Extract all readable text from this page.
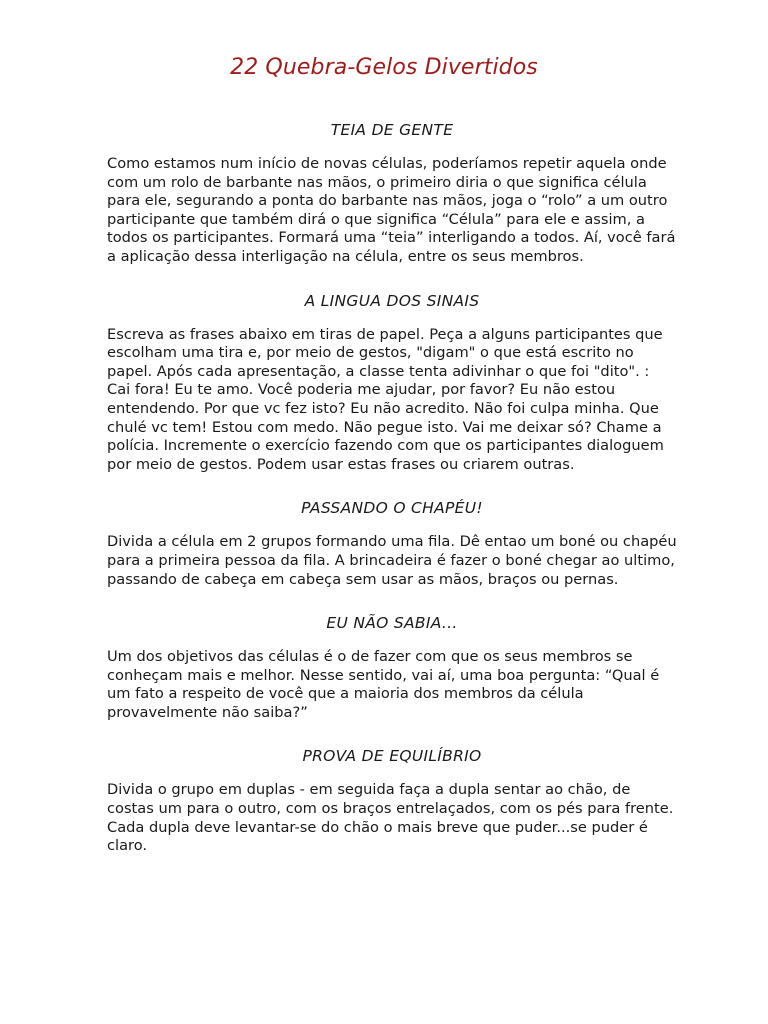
22 Quebra-Gelos Divertidos
TEIA DE GENTE

Como estamos num início de novas células, poderíamos repetir aquela onde com um rolo de barbante nas mãos, o primeiro diria o que significa célula para ele, segurando a ponta do barbante nas mãos, joga o “rolo” a um outro participante que também dirá o que significa “Célula” para ele e assim, a todos os participantes. Formará uma “teia” interligando a todos. Aí, você fará a aplicação dessa interligação na célula, entre os seus membros.

A LINGUA DOS SINAIS

Escreva as frases abaixo em tiras de papel. Peça a alguns participantes que escolham uma tira e, por meio de gestos, "digam" o que está escrito no papel. Após cada apresentação, a classe tenta adivinhar o que foi "dito". : Cai fora! Eu te amo. Você poderia me ajudar, por favor? Eu não estou entendendo. Por que vc fez isto? Eu não acredito. Não foi culpa minha. Que chulé vc tem! Estou com medo. Não pegue isto. Vai me deixar só? Chame a polícia. Incremente o exercício fazendo com que os participantes dialoguem por meio de gestos. Podem usar estas frases ou criarem outras.

PASSANDO O CHAPÉU!

Divida a célula em 2 grupos formando uma fila. Dê entao um boné ou chapéu para a primeira pessoa da fila. A brincadeira é fazer o boné chegar ao ultimo, passando de cabeça em cabeça sem usar as mãos, braços ou pernas.

EU NÃO SABIA...

Um dos objetivos das células é o de fazer com que os seus membros se conheçam mais e melhor. Nesse sentido, vai aí, uma boa pergunta: “Qual é um fato a respeito de você que a maioria dos membros da célula provavelmente não saiba?”

PROVA DE EQUILÍBRIO

Divida o grupo em duplas - em seguida faça a dupla sentar ao chão, de costas um para o outro, com os braços entrelaçados, com os pés para frente. Cada dupla deve levantar-se do chão o mais breve que puder...se puder é claro.
